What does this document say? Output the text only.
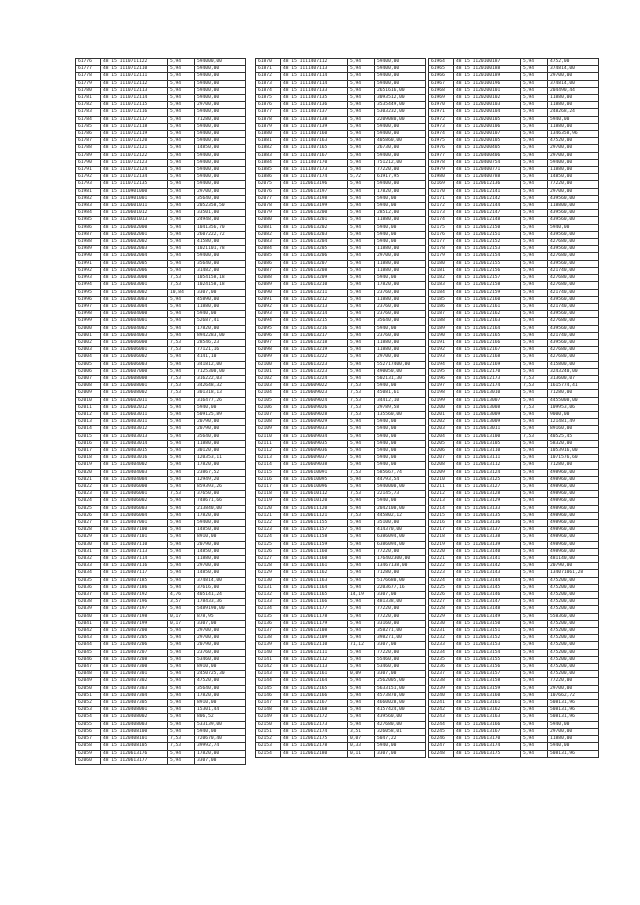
61776	48 15 1110711122	5,94	594000,00
61777	48 15 1110712110	5,94	59400,00
61778	48 15 1110712111	5,94	59400,00
61779	48 15 1110712112	5,94	59400,00
61780	48 15 1110712113	5,94	59400,00
61781	48 15 1110712114	5,94	59400,00
61782	48 15 1110712115	5,94	29700,00
61783	48 15 1110712116	5,94	59400,00
61784	48 15 1110712117	5,94	71280,00
61785	48 15 1110712118	5,94	59400,00
61786	48 15 1110712119	5,94	59400,00
61787	48 15 1110712120	5,94	59400,00
61788	48 15 1110712121	5,94	14850,00
61789	48 15 1110712122	5,94	59400,00
61790	48 15 1110712123	5,94	59400,00
61791	48 15 1110712124	5,94	59400,00
61792	48 15 1110712134	5,94	59400,00
61793	48 15 1110712135	5,94	59400,00
61981	48 15 1110901000	5,94	29700,00
61982	48 15 1110901001	5,94	35640,00
61983	48 15 1120601011	5,94	2052358,50
61984	48 15 1120601012	5,94	33501,00
61985	48 15 1120601013	5,94	24948,00
61986	48 15 1120602000	5,94	1041356,70
61987	48 15 1120602001	5,94	2607222,72
61988	48 15 1120602002	5,94	41580,00
61989	48 15 1120602003	5,94	1021101,78
61990	48 15 1120602004	5,94	59400,00
61991	48 15 1120602005	5,94	35640,00
61992	48 15 1120602006	5,94	31482,00
61993	48 15 1120603000	7,53	1054158,18
61994	48 15 1120603001	7,53	1024158,18
61995	48 15 1120603002	10,84	3307,00
61996	48 15 1120603003	5,94	45890,00
61997	48 15 1120603004	5,94	11880,00
61998	48 15 1120604000	5,94	5940,00
61999	48 15 1120604001	5,94	52687,41
62000	48 15 1120604002	5,94	17820,00
62001	48 15 1120604003	5,94	8942283,00
62002	48 15 1120606000	7,53	28546,23
62003	48 15 1120606001	7,53	77121,16
62004	48 15 1120606002	5,94	4141,10
62005	48 15 1120606003	5,94	341812,00
62006	48 15 1120607000	5,94	7125300,00
62007	48 15 1120608000	7,53	316222,03
62008	48 15 1120608001	7,53	342648,32
62009	48 15 1120608002	7,53	301318,13
62010	48 15 1120602011	5,94	316477,26
62011	48 15 1120602012	5,94	5940,00
62012	48 15 1120603011	5,94	509125,89
62013	48 15 1120403011	5,94	20790,00
62014	48 15 1120403012	5,94	20790,00
62015	48 15 1120403013	5,94	35640,00
62016	48 15 1120403014	5,94	11880,00
62017	48 15 1120403015	5,94	30120,00
62018	48 15 1120403016	5,94	120353,11
62019	48 15 1120404002	5,94	17820,00
62020	48 15 1120404003	5,94	23867,52
62021	48 15 1120404004	5,94	12949,20
62022	48 15 1120406000	5,94	859393,26
62023	48 15 1120406001	7,53	37650,00
62024	48 15 1120406002	5,94	748671,66
62025	48 15 1120406003	5,94	213840,00
62026	48 15 1120406004	5,94	17820,00
62027	48 15 1120407001	5,94	59400,00
62028	48 15 1120407100	5,94	14850,00
62029	48 15 1120407101	5,94	8910,00
62030	48 15 1120407110	5,94	20790,00
62031	48 15 1120407113	5,94	14850,00
62032	48 15 1120407114	5,94	11880,00
62033	48 15 1120407116	5,94	29700,00
62034	48 15 1120407117	5,94	14850,00
62035	48 15 1120407185	5,94	374814,00
62036	48 15 1120407186	5,94	37616,00
62037	48 15 1120407192	4,76	405141,24
62038	48 15 1120407196	3,57	178433,36
62039	48 15 1120407197	5,94	5489190,00
62040	48 15 1120407198	0,17	878,95
62041	48 15 1120407199	0,17	3307,00
62042	48 15 1120407200	5,94	29700,00
62043	48 15 1120407205	5,94	29700,00
62044	48 15 1120407206	5,94	20790,00
62045	48 15 1120407207	5,94	23760,00
62046	48 15 1120407208	5,94	53460,00
62047	48 15 1120407300	5,94	8910,00
62048	48 15 1120407301	5,94	2450725,30
62049	48 15 1120407302	5,94	47520,00
62050	48 15 1120407303	5,94	35640,00
62051	48 15 1120407304	5,94	17820,00
62052	48 15 1120407305	5,94	8910,00
62053	48 15 1120408001	5,94	15301,44
62054	48 15 1120408002	5,94	806,52
62055	48 15 1120408003	5,94	533139,00
62056	48 15 1120408100	5,94	5940,00
62057	48 15 1120408101	7,53	720670,40
62058	48 15 1120408105	7,53	39992,74
62059	48 15 1120613176	5,94	17820,00
62060	48 15 1120613177	5,94	3307,00
61870	48 15 1111407112	5,94	59400,00
61871	48 15 1111407113	5,94	59400,00
61872	48 15 1111407114	5,94	59400,00
61873	48 15 1111407114	5,94	59400,00
61874	48 15 1111407133	5,94	2651616,00
61875	48 15 1111407135	5,94	3093512,00
61876	48 15 1111407136	5,94	3535449,00
61877	48 15 1111407137	5,94	5303232,00
61878	48 15 1111407138	5,94	2209080,00
61879	48 15 1111407139	5,94	59400,00
61880	48 15 1111407160	5,94	59400,00
61881	48 15 1111407163	5,94	405860,00
61882	48 15 1111407165	5,94	26730,00
61883	48 15 1111407167	5,94	59400,00
61884	48 15 1111407170	5,94	751212,00
61885	48 15 1111407173	5,94	77220,00
61886	48 15 1111407174	5,72	61917,95
62075	48 15 1120613196	5,94	59400,00
62076	48 15 1120613197	5,94	17820,00
62077	48 15 1120613198	5,94	5940,00
62078	48 15 1120613199	5,94	5940,00
62079	48 15 1120613200	5,94	28512,00
62080	48 15 1120613201	5,94	11880,00
62081	48 15 1120613202	5,94	5940,00
62082	48 15 1120613203	5,94	5940,00
62083	48 15 1120613204	5,94	5940,00
62084	48 15 1120613205	5,94	11880,00
62085	48 15 1120613206	5,94	29700,00
62086	48 15 1120613207	5,94	11880,00
62087	48 15 1120613208	5,94	11880,00
62088	48 15 1120613209	5,94	5940,00
62089	48 15 1120613210	5,94	17820,00
62090	48 15 1120613211	5,94	23760,00
62091	48 15 1120613212	5,94	11880,00
62092	48 15 1120613213	5,94	23760,00
62093	48 15 1120613214	5,94	23760,00
62094	48 15 1120613215	5,94	35640,00
62095	48 15 1120613216	5,94	5940,00
62096	48 15 1120613217	5,94	23760,00
62097	48 15 1120613218	5,94	11880,00
62098	48 15 1120613219	5,94	11880,00
62099	48 15 1120613222	5,94	29700,00
62100	48 15 1120613223	5,94	552717400,00
62101	48 15 1120613223	5,94	490050,00
62102	48 15 1120613224	5,94	502131,30
62103	48 15 1120609022	7,53	5940,00
62104	48 15 1120609023	7,53	45081,61
62105	48 15 1120609024	7,53	34412,10
62106	48 15 1120609026	7,53	29789,58
62107	48 15 1120609028	7,53	135560,00
62108	48 15 1120609029	5,94	5940,00
62109	48 15 1120609033	5,94	5940,00
62110	48 15 1120609034	5,94	5940,00
62111	48 15 1120609035	5,94	5940,00
62112	48 15 1120609036	5,94	5940,00
62113	48 15 1120609037	5,94	5940,00
62114	48 15 1120609038	5,94	5940,00
62115	48 15 1120610091	7,53	585667,74
62116	48 15 1120610095	5,94	44793,54
62117	48 15 1120610096	5,94	5940000,00
62118	48 15 1120610112	7,53	22145,73
62119	48 15 1120610120	5,94	5940,00
62120	48 15 1120611120	5,94	2042100,00
62121	48 15 1120611121	7,53	445802,12
62122	48 15 1120611155	5,94	35100,00
62123	48 15 1120611157	5,94	414370,00
62124	48 15 1120611158	5,94	6386094,00
62125	48 15 1120611159	5,94	6386094,00
62126	48 15 1120611160	5,94	77220,00
62127	48 15 1120611160	5,94	176402300,00
62128	48 15 1120611161	5,94	13467138,00
62129	48 15 1120611162	5,94	71280,00
62130	48 15 1120611163	5,94	5176680,00
62131	48 15 1120611164	5,94	2203677,16
62132	48 15 1120611165	14,19	3307,00
62133	48 15 1120611166	5,94	481338,00
62134	48 15 1120611177	5,94	77220,00
62135	48 15 1120611178	5,94	77220,00
62136	48 15 1120611179	5,94	33160,00
62137	48 15 1120612108	5,94	358271,00
62138	48 15 1120612109	5,94	398271,00
62139	48 15 1120612110	71,12	3307,00
62140	48 15 1120612111	5,94	77220,00
62141	48 15 1120612112	5,94	55460,00
62142	48 15 1120612113	5,94	53460,00
62143	48 15 1120612161	0,09	3307,00
62144	48 15 1120612164	5,94	2562005,00
62145	48 15 1120612165	5,94	5633151,00
62146	48 15 1120612166	5,94	4573870,00
62147	48 15 1120612167	5,94	4660028,00
62148	48 15 1120612168	5,94	4157424,00
62149	48 15 1120612172	5,94	439560,00
62150	48 15 1120612173	5,94	427680,00
62151	48 15 1120612174	3,51	326058,01
62152	48 15 1120612175	0,07	5047,22
62153	48 15 1120612178	0,33	5940,00
62154	48 15 1120612180	0,11	3307,00
61964	48 15 1120100187	5,94	4752,00
61965	48 15 1120100188	5,94	374814,00
61966	48 15 1120100189	5,94	29700,00
61967	48 15 1120100196	5,94	374814,00
61968	48 15 1120200101	5,94	204490,44
61969	48 15 1120200102	5,94	11880,00
61970	48 15 1120200103	5,94	11880,00
61971	48 15 1120200104	5,94	248268,24
61972	48 15 1120200105	5,94	5940,00
61973	48 15 1120200106	5,94	11880,00
61974	48 15 1120200107	5,94	1346358,96
61975	48 15 1120200105	5,94	47520,00
61976	48 15 1120200405	5,94	29700,00
61977	48 15 1120400406	5,94	29700,00
61978	48 15 1120400754	5,94	59400,00
61979	48 15 1120400771	5,94	11880,00
61980	48 15 1120400788	5,94	14850,00
62169	48 15 1120612136	5,94	77220,00
62170	48 15 1120612141	5,94	29700,00
62171	48 15 1120612142	5,94	439560,00
62172	48 15 1120612144	5,94	118800,00
62173	48 15 1120612147	5,94	439560,00
62174	48 15 1120612148	5,94	439560,00
62175	48 15 1120612150	5,94	5940,00
62176	48 15 1120612151	5,94	439560,00
62177	48 15 1120612152	5,94	427680,00
62178	48 15 1120612153	5,94	439560,00
62179	48 15 1120612154	5,94	427680,00
62180	48 15 1120612155	5,94	439560,00
62181	48 15 1120612156	5,94	421740,00
62182	48 15 1120612157	5,94	427680,00
62183	48 15 1120612158	5,94	427680,00
62184	48 15 1120612159	5,94	421740,00
62185	48 15 1120612160	5,94	439560,00
62186	48 15 1120612161	5,94	421740,00
62187	48 15 1120612162	5,94	439560,00
62188	48 15 1120612163	5,94	427680,00
62189	48 15 1120612164	5,94	439560,00
62190	48 15 1120612165	5,94	421740,00
62191	48 15 1120612166	5,94	439560,00
62192	48 15 1120612167	5,94	427680,00
62193	48 15 1120612168	5,94	427680,00
62194	48 15 1120612169	5,94	415800,00
62195	48 15 1120612170	5,94	3243240,00
62196	48 15 1120612173	7,53	313600,07
62197	48 15 1120612174	7,53	1615774,41
62198	48 15 1120613010	5,94	71280,00
62199	48 15 1120613007	5,94	4455000,00
62200	48 15 1120613008	7,53	109953,06
62201	48 15 1120613009	5,94	9000,00
62202	48 15 1120613009	5,94	121481,49
62203	48 15 1120613011	5,94	89160,00
62204	48 15 1120613100	7,53	40525,45
62205	48 15 1120613105	5,94	58320,00
62206	48 15 1120613110	5,94	1053916,00
62207	48 15 1120613111	5,94	1071576,60
62208	48 15 1120613112	5,94	71280,00
62209	48 15 1120613124	5,94	498960,00
62210	48 15 1120613125	5,94	498960,00
62211	48 15 1120613127	5,94	498960,00
62212	48 15 1120613128	5,94	498960,00
62213	48 15 1120613129	5,94	498960,00
62214	48 15 1120613133	5,94	498960,00
62215	48 15 1120613135	5,94	498960,00
62216	48 15 1120613136	5,94	498960,00
62217	48 15 1120613137	5,94	498960,00
62218	48 15 1120613138	5,94	498960,00
62219	48 15 1120613139	5,94	498960,00
62220	48 15 1120613140	5,94	498960,00
62221	48 15 1120613141	5,94	481140,00
62222	48 15 1120613142	5,94	20790,00
62223	48 15 1120613143	5,94	134071061,28
62224	48 15 1120613144	5,94	475200,00
62225	48 15 1120613145	5,94	475200,00
62226	48 15 1120613146	5,94	475200,00
62227	48 15 1120613147	5,94	475200,00
62228	48 15 1120613148	5,94	475200,00
62229	48 15 1120613149	5,94	558360,00
62230	48 15 1120613150	5,94	475200,00
62231	48 15 1120613151	5,94	475200,00
62232	48 15 1120613152	5,94	475200,00
62233	48 15 1120613153	5,94	475200,00
62234	48 15 1120613154	5,94	475200,00
62235	48 15 1120613155	5,94	475200,00
62236	48 15 1120613156	5,94	475200,00
62237	48 15 1120613157	5,94	475200,00
62238	48 15 1120613158	5,94	77220,00
62239	48 15 1120613159	5,94	29700,00
62240	48 15 1120613160	5,94	107662,72
62241	48 15 1120613161	5,94	508131,96
62242	48 15 1120613162	5,94	508131,96
62243	48 15 1120613163	5,94	508131,96
62244	48 15 1120613166	5,94	5940,00
62245	48 15 1120613167	5,94	29700,00
62246	48 15 1120613170	5,94	11880,00
62247	48 15 1120613174	5,94	5940,00
62248	48 15 1120613175	5,94	508131,96
